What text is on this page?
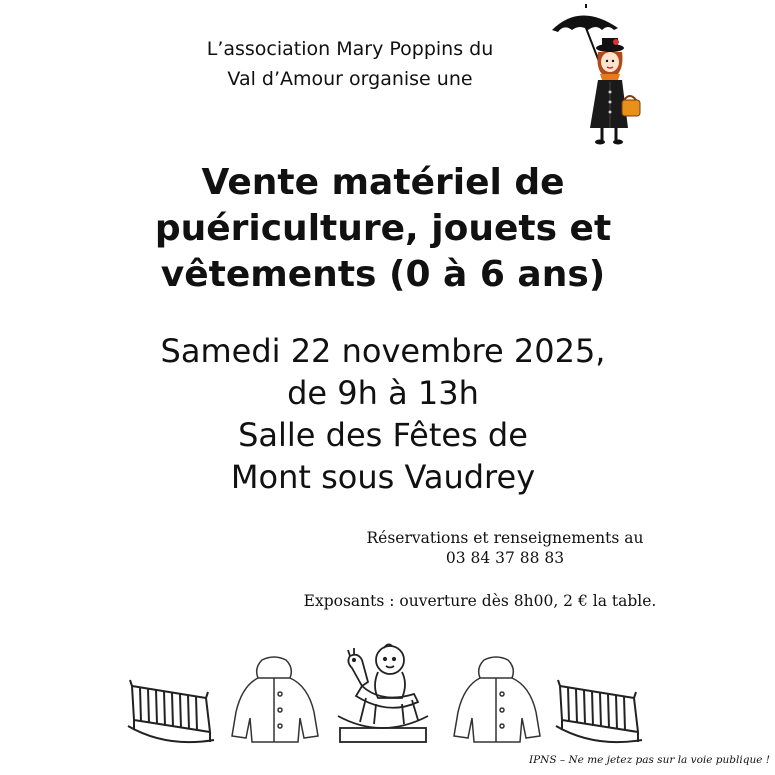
L’association Mary Poppins du
Val d’Amour organise une
Vente matériel de
puériculture, jouets et
vêtements (0 à 6 ans)
Samedi 22 novembre 2025,
de 9h à 13h
Salle des Fêtes de
Mont sous Vaudrey
Réservations et renseignements au
03 84 37 88 83
Exposants : ouverture dès 8h00, 2 € la table.
IPNS – Ne me jetez pas sur la voie publique !
